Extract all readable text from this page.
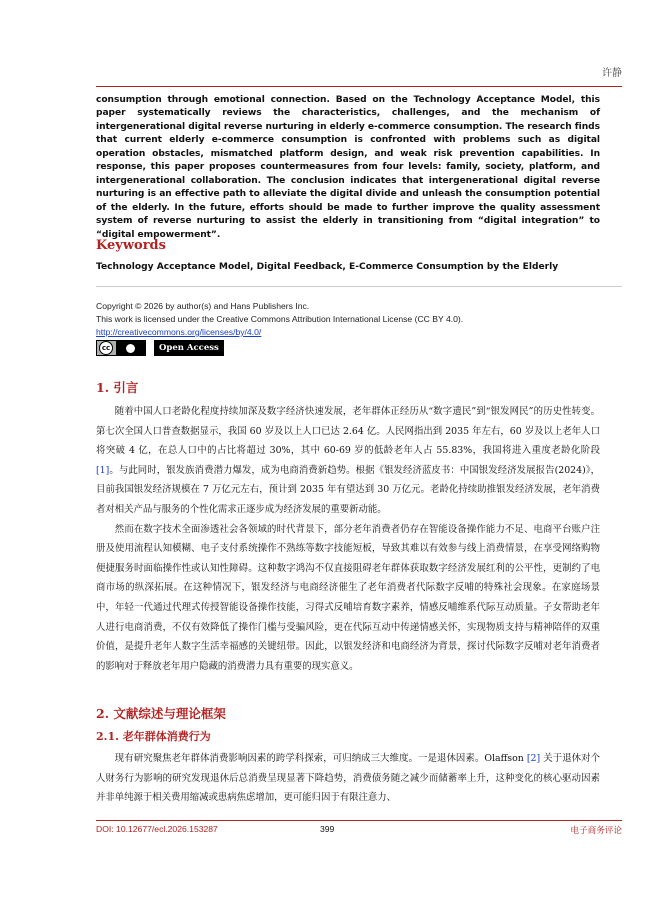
许静
consumption through emotional connection. Based on the Technology Acceptance Model, this paper systematically reviews the characteristics, challenges, and the mechanism of intergenerational digital reverse nurturing in elderly e-commerce consumption. The research finds that current elderly e-commerce consumption is confronted with problems such as digital operation obstacles, mismatched platform design, and weak risk prevention capabilities. In response, this paper proposes countermeasures from four levels: family, society, platform, and intergenerational collaboration. The conclusion indicates that intergenerational digital reverse nurturing is an effective path to alleviate the digital divide and unleash the consumption potential of the elderly. In the future, efforts should be made to further improve the quality assessment system of reverse nurturing to assist the elderly in transitioning from “digital integration” to “digital empowerment”.
Keywords
Technology Acceptance Model, Digital Feedback, E-Commerce Consumption by the Elderly
Copyright © 2026 by author(s) and Hans Publishers Inc.
This work is licensed under the Creative Commons Attribution International License (CC BY 4.0).
http://creativecommons.org/licenses/by/4.0/
cc	Open Access
1. 引言

随着中国人口老龄化程度持续加深及数字经济快速发展，老年群体正经历从“数字遗民”到“银发网民”的历史性转变。第七次全国人口普查数据显示，我国 60 岁及以上人口已达 2.64 亿。人民网指出到 2035 年左右，60 岁及以上老年人口将突破 4 亿，在总人口中的占比将超过 30%，其中 60-69 岁的低龄老年人占 55.83%，我国将进入重度老龄化阶段[1]。与此同时，银发族消费潜力爆发，成为电商消费新趋势。根据《银发经济蓝皮书：中国银发经济发展报告(2024)》，目前我国银发经济规模在 7 万亿元左右，预计到 2035 年有望达到 30 万亿元。老龄化持续助推银发经济发展，老年消费者对相关产品与服务的个性化需求正逐步成为经济发展的重要新动能。

然而在数字技术全面渗透社会各领域的时代背景下，部分老年消费者仍存在智能设备操作能力不足、电商平台账户注册及使用流程认知模糊、电子支付系统操作不熟练等数字技能短板，导致其难以有效参与线上消费情景，在享受网络购物便捷服务时面临操作性或认知性障碍。这种数字鸿沟不仅直接阻碍老年群体获取数字经济发展红利的公平性，更制约了电商市场的纵深拓展。在这种情况下，银发经济与电商经济催生了老年消费者代际数字反哺的特殊社会现象。在家庭场景中，年轻一代通过代理式传授智能设备操作技能，习得式反哺培育数字素养，情感反哺维系代际互动质量。子女帮助老年人进行电商消费，不仅有效降低了操作门槛与受骗风险，更在代际互动中传递情感关怀，实现物质支持与精神陪伴的双重价值，是提升老年人数字生活幸福感的关键纽带。因此，以银发经济和电商经济为背景，探讨代际数字反哺对老年消费者的影响对于释放老年用户隐藏的消费潜力具有重要的现实意义。

2. 文献综述与理论框架
2.1. 老年群体消费行为

现有研究聚焦老年群体消费影响因素的跨学科探索，可归纳成三大维度。一是退休因素。Olaffson [2] 关于退休对个人财务行为影响的研究发现退休后总消费呈现显著下降趋势，消费债务随之减少而储蓄率上升，这种变化的核心驱动因素并非单纯源于相关费用缩减或患病焦虑增加，更可能归因于有限注意力、

DOI: 10.12677/ecl.2026.153287	399	电子商务评论
